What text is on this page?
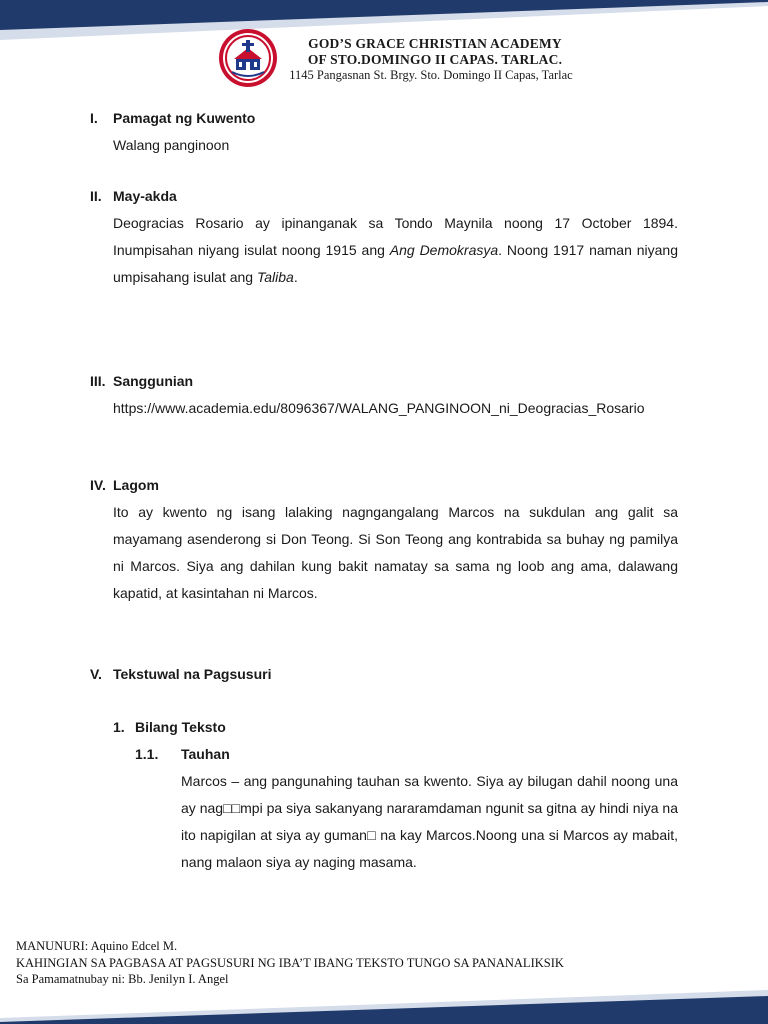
GOD’S GRACE CHRISTIAN ACADEMY
OF STO.DOMINGO II CAPAS. TARLAC.
1145 Pangasnan St. Brgy. Sto. Domingo II Capas, Tarlac
I.	Pamagat ng Kuwento
Walang panginoon
II. May-akda
Deogracias Rosario ay ipinanganak sa Tondo Maynila noong 17 October 1894. Inumpisahan niyang isulat noong 1915 ang Ang Demokrasya. Noong 1917 naman niyang umpisahang isulat ang Taliba.
III. Sanggunian
https://www.academia.edu/8096367/WALANG_PANGINOON_ni_Deogracias_Rosario
IV. Lagom
Ito ay kwento ng isang lalaking nagngangalang Marcos na sukdulan ang galit sa mayamang asenderong si Don Teong. Si Son Teong ang kontrabida sa buhay ng pamilya ni Marcos. Siya ang dahilan kung bakit namatay sa sama ng loob ang ama, dalawang kapatid, at kasintahan ni Marcos.
V. Tekstuwal na Pagsusuri
1. Bilang Teksto
1.1.	Tauhan
Marcos – ang pangunahing tauhan sa kwento. Siya ay bilugan dahil noong una ay nag□□mpi pa siya sakanyang nararamdaman ngunit sa gitna ay hindi niya na ito napigilan at siya ay guman□ na kay Marcos.Noong una si Marcos ay mabait, nang malaon siya ay naging masama.
MANUNURI: Aquino Edcel M.
KAHINGIAN SA PAGBASA AT PAGSUSURI NG IBA’T IBANG TEKSTO TUNGO SA PANANALIKSIK
Sa Pamamatnubay ni: Bb. Jenilyn I. Angel
